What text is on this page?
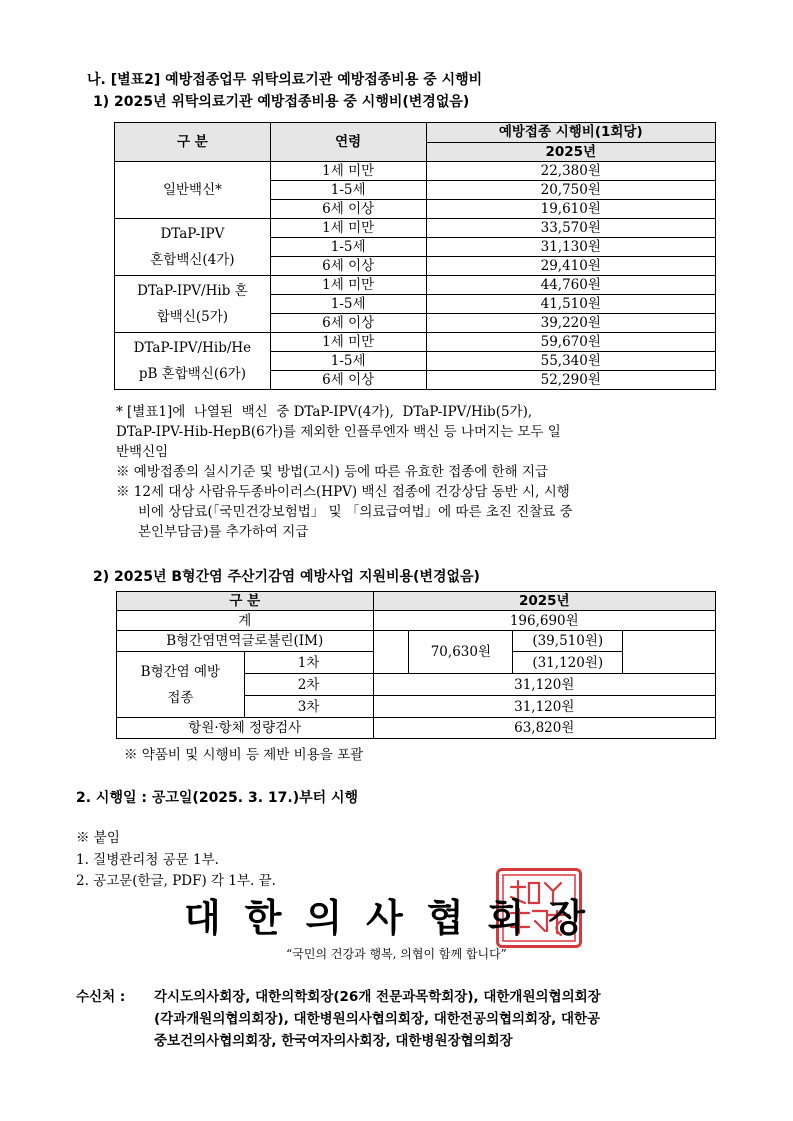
나. [별표2] 예방접종업무 위탁의료기관 예방접종비용 중 시행비
1) 2025년 위탁의료기관 예방접종비용 중 시행비(변경없음)
구 분	연령	예방접종 시행비(1회당)
		2025년
일반백신*	1세 미만	22,380원
	1-5세	20,750원
	6세 이상	19,610원
DTaP-IPV
혼합백신(4가)	1세 미만	33,570원
	1-5세	31,130원
	6세 이상	29,410원
DTaP-IPV/Hib 혼
합백신(5가)	1세 미만	44,760원
	1-5세	41,510원
	6세 이상	39,220원
DTaP-IPV/Hib/He
pB 혼합백신(6가)	1세 미만	59,670원
	1-5세	55,340원
	6세 이상	52,290원
* [별표1]에  나열된  백신  중 DTaP-IPV(4가),  DTaP-IPV/Hib(5가),
DTaP-IPV-Hib-HepB(6가)를 제외한 인플루엔자 백신 등 나머지는 모두 일
반백신임
※ 예방접종의 실시기준 및 방법(고시) 등에 따른 유효한 접종에 한해 지급
※ 12세 대상 사람유두종바이러스(HPV) 백신 접종에 건강상담 동반 시, 시행
비에 상담료(「국민건강보험법」 및 「의료급여법」에 따른 초진 진찰료 중
본인부담금)를 추가하여 지급
2) 2025년 B형간염 주산기감염 예방사업 지원비용(변경없음)
구 분		2025년			
계		196,690원			
B형간염면역글로불린(IM)			70,630원	(39,510원)	
B형간염 예방
접종	1차			(31,120원)	
	2차	31,120원			
	3차	31,120원			
항원·항체 정량검사		63,820원			
※ 약품비 및 시행비 등 제반 비용을 포괄
2. 시행일 : 공고일(2025. 3. 17.)부터 시행
※ 붙임
1. 질병관리청 공문 1부.
2. 공고문(한글, PDF) 각 1부. 끝.
대한의사협회장
“국민의 건강과 행복, 의협이 함께 합니다”
수신처 : 각시도의사회장, 대한의학회장(26개 전문과목학회장), 대한개원의협의회장
(각과개원의협의회장), 대한병원의사협의회장, 대한전공의협의회장, 대한공
중보건의사협의회장, 한국여자의사회장, 대한병원장협의회장
